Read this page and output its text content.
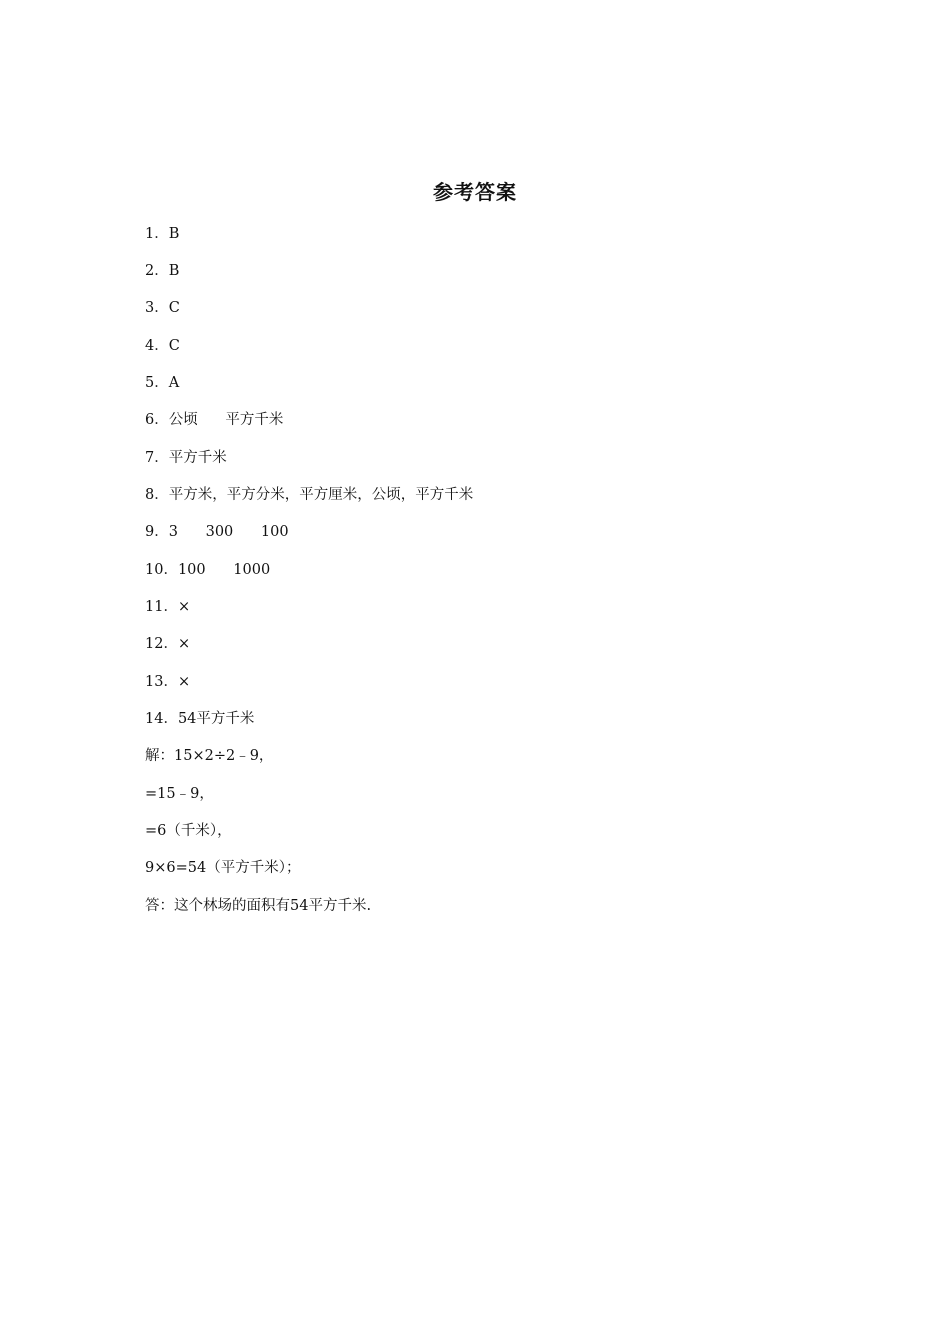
参考答案
1．B
2．B
3．C
4．C
5．A
6．公顷      平方千米
7．平方千米
8．平方米，平方分米，平方厘米，公顷，平方千米
9．3      300      100
10．100      1000
11．×
12．×
13．×
14．54平方千米
解：15×2÷2﹣9，
=15﹣9，
=6（千米），
9×6=54（平方千米）；
答：这个林场的面积有54平方千米.
